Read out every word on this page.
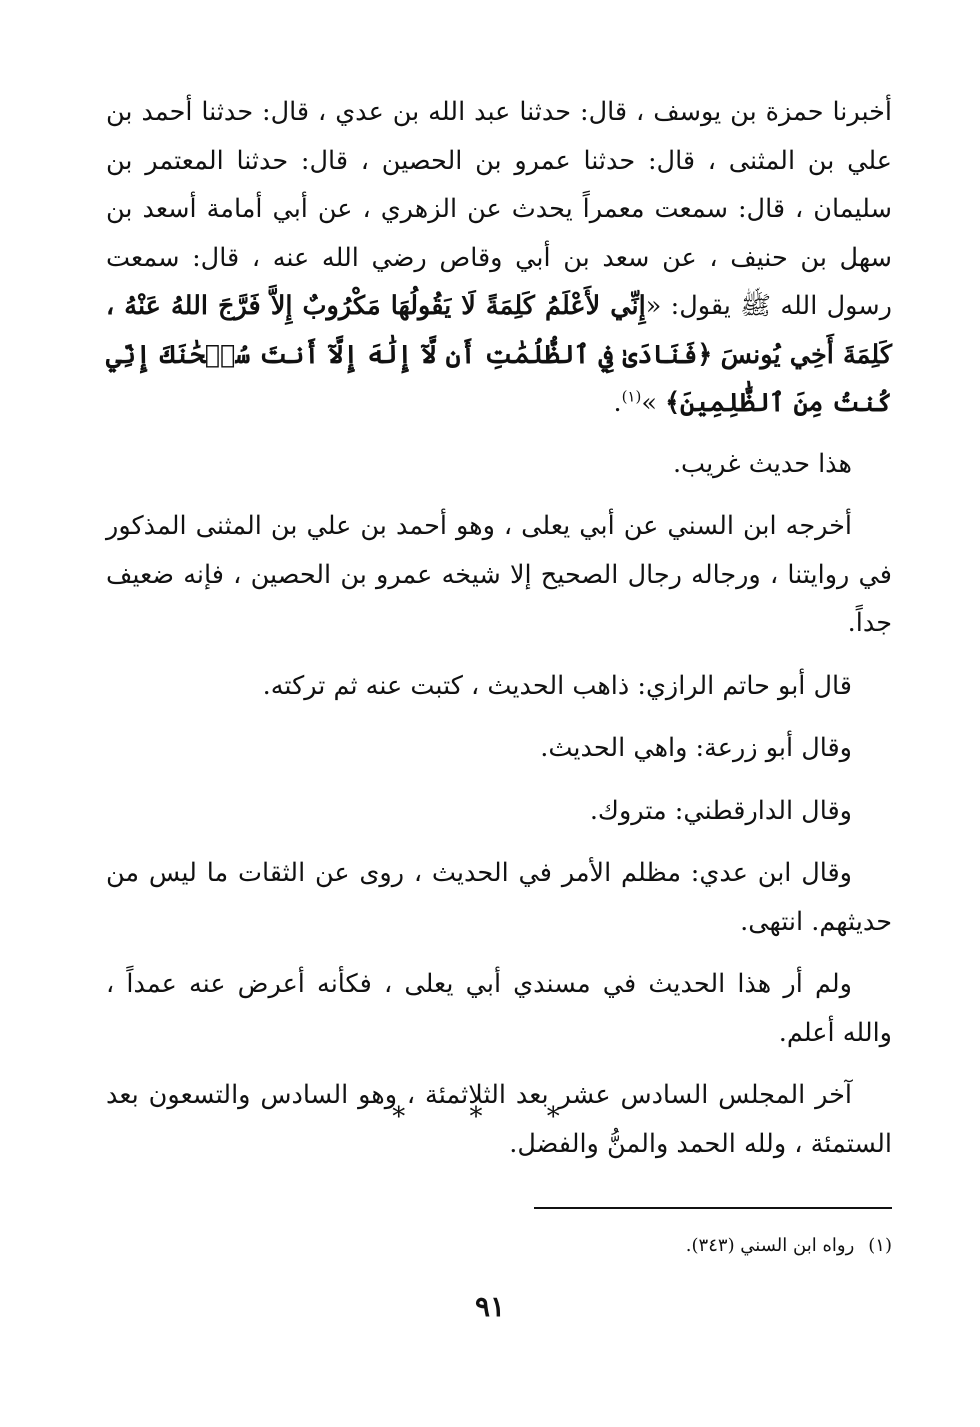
أخبرنا حمزة بن يوسف ، قال: حدثنا عبد الله بن عدي ، قال: حدثنا أحمد بن علي بن المثنى ، قال: حدثنا عمرو بن الحصين ، قال: حدثنا المعتمر بن سليمان ، قال: سمعت معمراً يحدث عن الزهري ، عن أبي أمامة أسعد بن سهل بن حنيف ، عن سعد بن أبي وقاص رضي الله عنه ، قال: سمعت رسول الله ﷺ يقول: «إِنِّي لأَعْلَمُ كَلِمَةً لَا يَقُولُهَا مَكْرُوبٌ إِلاَّ فَرَّجَ اللهُ عَنْهُ ، كَلِمَةَ أَخِي يُونسَ ﴿فَنَادَىٰ فِي ٱلظُّلُمَٰتِ أَن لَّآ إِلَٰهَ إِلَّآ أَنتَ سُبۡحَٰنَكَ إِنِّي كُنتُ مِنَ ٱلظَّٰلِمِينَ﴾ »$^{(١)}$.

هذا حديث غريب.

أخرجه ابن السني عن أبي يعلى ، وهو أحمد بن علي بن المثنى المذكور في روايتنا ، ورجاله رجال الصحيح إلا شيخه عمرو بن الحصين ، فإنه ضعيف جداً.

قال أبو حاتم الرازي: ذاهب الحديث ، كتبت عنه ثم تركته.

وقال أبو زرعة: واهي الحديث.

وقال الدارقطني: متروك.

وقال ابن عدي: مظلم الأمر في الحديث ، روى عن الثقات ما ليس من حديثهم. انتهى.

ولم أر هذا الحديث في مسندي أبي يعلى ، فكأنه أعرض عنه عمداً ، والله أعلم.

آخر المجلس السادس عشر بعد الثلاثمئة ، وهو السادس والتسعون بعد الستمئة ، ولله الحمد والمنُّ والفضل.

* * *
(١)رواه ابن السني (٣٤٣).
٩١
